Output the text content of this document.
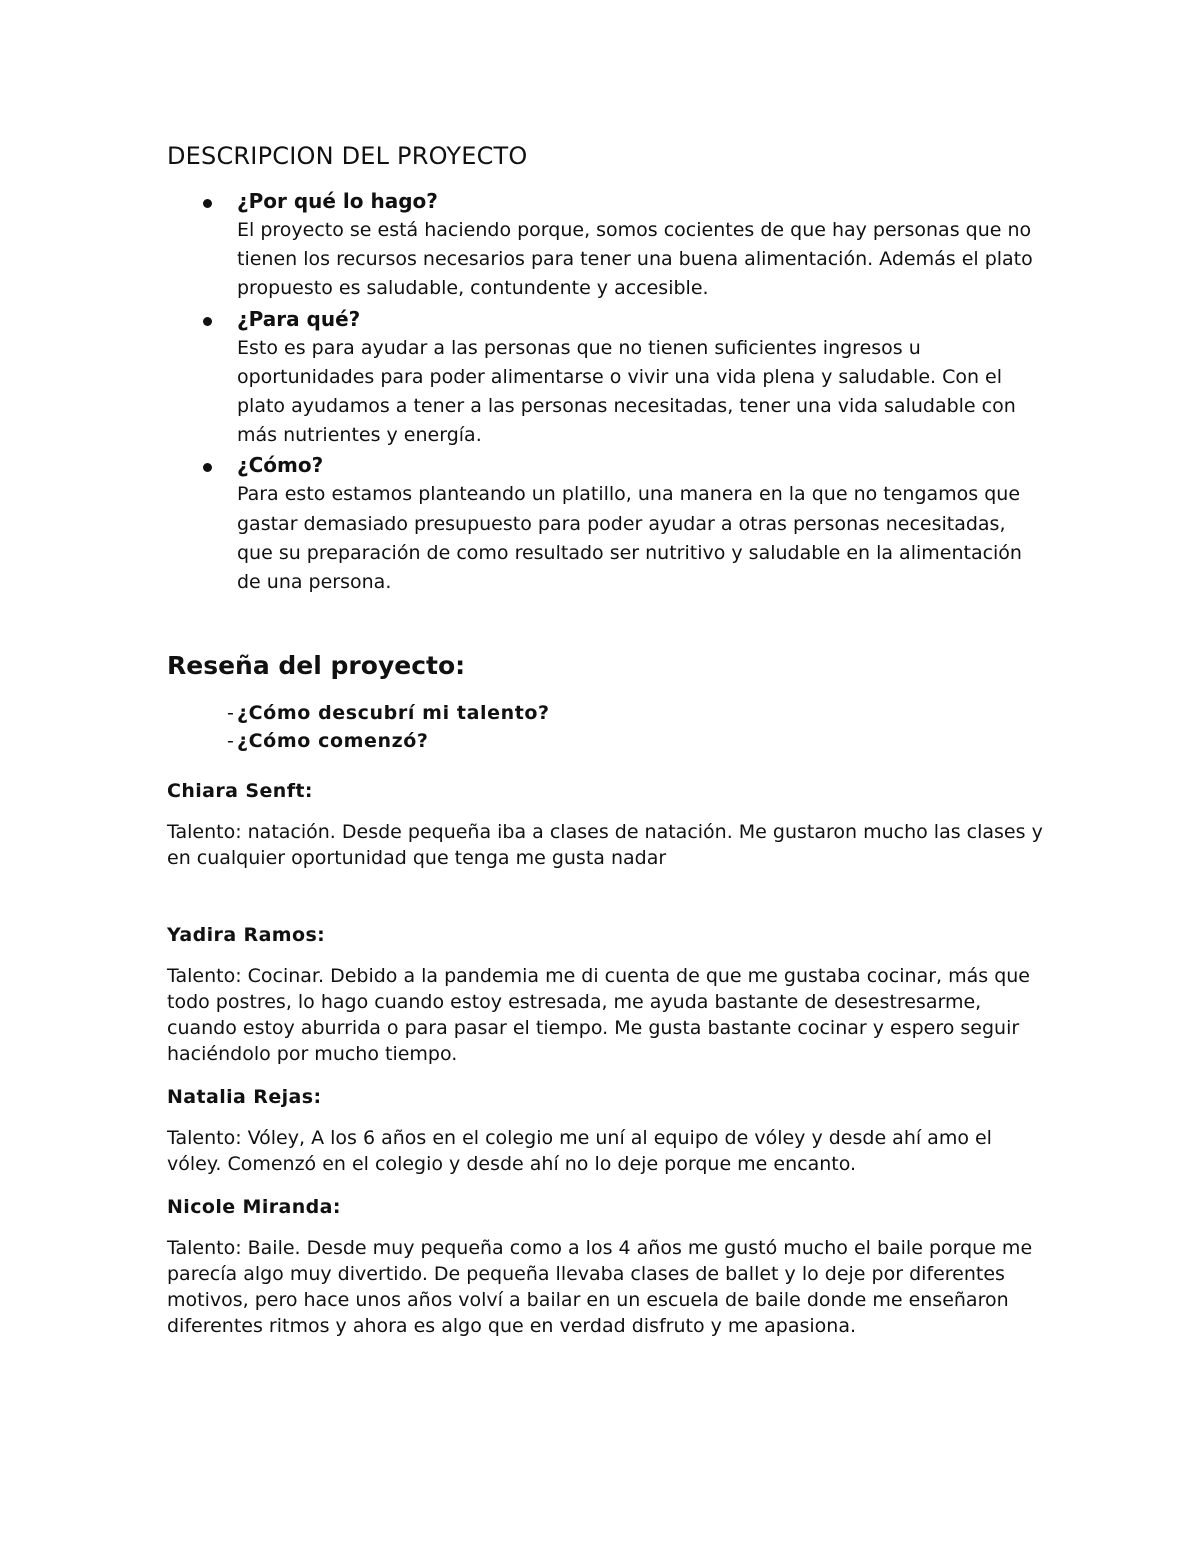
DESCRIPCION DEL PROYECTO
¿Por qué lo hago?
El proyecto se está haciendo porque, somos cocientes de que hay personas que no tienen los recursos necesarios para tener una buena alimentación. Además el plato propuesto es saludable, contundente y accesible.
¿Para qué?
Esto es para ayudar a las personas que no tienen suficientes ingresos u oportunidades para poder alimentarse o vivir una vida plena y saludable. Con el plato ayudamos a tener a las personas necesitadas, tener una vida saludable con más nutrientes y energía.
¿Cómo?
Para esto estamos planteando un platillo, una manera en la que no tengamos que gastar demasiado presupuesto para poder ayudar a otras personas necesitadas, que su preparación de como resultado ser nutritivo y saludable en la alimentación de una persona.
Reseña del proyecto:
- ¿Cómo descubrí mi talento?
- ¿Cómo comenzó?
Chiara Senft:
Talento: natación. Desde pequeña iba a clases de natación. Me gustaron mucho las clases y en cualquier oportunidad que tenga me gusta nadar
Yadira Ramos:
Talento: Cocinar. Debido a la pandemia me di cuenta de que me gustaba cocinar, más que todo postres, lo hago cuando estoy estresada, me ayuda bastante de desestresarme, cuando estoy aburrida o para pasar el tiempo. Me gusta bastante cocinar y espero seguir haciéndolo por mucho tiempo.
Natalia Rejas:
Talento: Vóley, A los 6 años en el colegio me uní al equipo de vóley y desde ahí amo el vóley. Comenzó en el colegio y desde ahí no lo deje porque me encanto.
Nicole Miranda:
Talento: Baile. Desde muy pequeña como a los 4 años me gustó mucho el baile porque me parecía algo muy divertido. De pequeña llevaba clases de ballet y lo deje por diferentes motivos, pero hace unos años volví a bailar en un escuela de baile donde me enseñaron diferentes ritmos y ahora es algo que en verdad disfruto y me apasiona.
